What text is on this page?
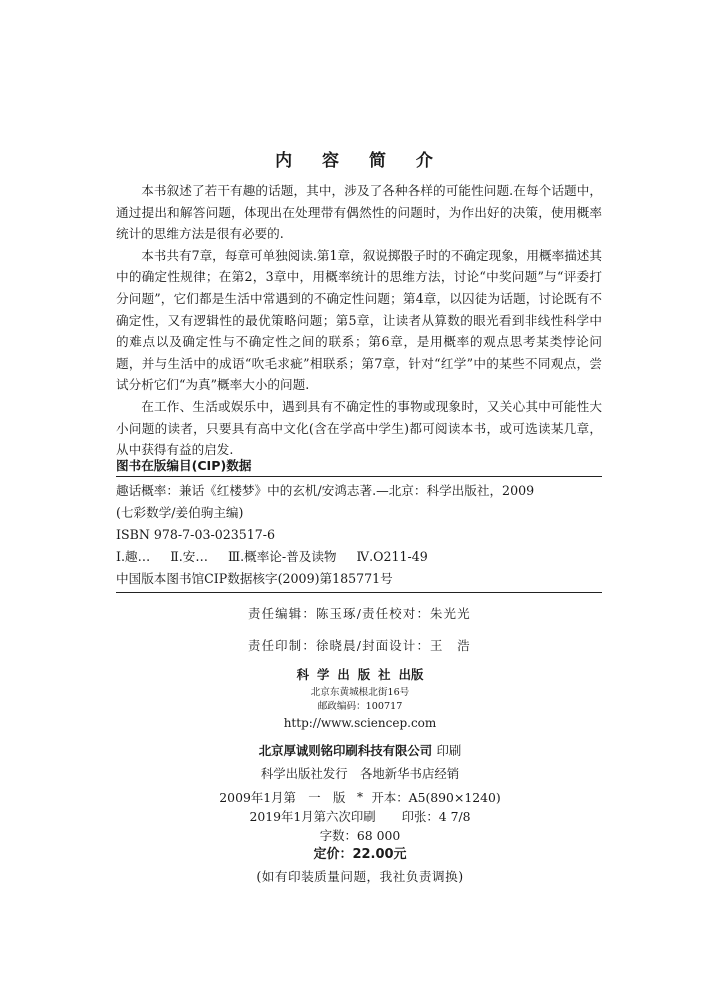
内 容 简 介

本书叙述了若干有趣的话题，其中，涉及了各种各样的可能性问题.在每个话题中，通过提出和解答问题，体现出在处理带有偶然性的问题时，为作出好的决策，使用概率统计的思维方法是很有必要的.

本书共有7章，每章可单独阅读.第1章，叙说掷骰子时的不确定现象，用概率描述其中的确定性规律；在第2，3章中，用概率统计的思维方法，讨论“中奖问题”与“评委打分问题”，它们都是生活中常遇到的不确定性问题；第4章，以囚徒为话题，讨论既有不确定性，又有逻辑性的最优策略问题；第5章，让读者从算数的眼光看到非线性科学中的难点以及确定性与不确定性之间的联系；第6章，是用概率的观点思考某类悖论问题，并与生活中的成语“吹毛求疵”相联系；第7章，针对“红学”中的某些不同观点，尝试分析它们“为真”概率大小的问题.

在工作、生活或娱乐中，遇到具有不确定性的事物或现象时，又关心其中可能性大小问题的读者，只要具有高中文化(含在学高中学生)都可阅读本书，或可选读某几章，从中获得有益的启发.

图书在版编目(CIP)数据
趣话概率：兼话《红楼梦》中的玄机/安鸿志著.—北京：科学出版社，2009
(七彩数学/姜伯驹主编)
ISBN 978-7-03-023517-6
Ⅰ.趣… Ⅱ.安… Ⅲ.概率论-普及读物 Ⅳ.O211-49
中国版本图书馆CIP数据核字(2009)第185771号
责任编辑：陈玉琢/责任校对：朱光光
责任印制：徐晓晨/封面设计：王　浩
科学出版社出版
北京东黄城根北街16号
邮政编码：100717
http://www.sciencep.com
北京厚诚则铭印刷科技有限公司 印刷
科学出版社发行　各地新华书店经销
*
2009年1月第　一　版 开本：A5(890×1240)
2019年1月第六次印刷 印张：4 7/8
字数：68 000
定价：22.00元
(如有印装质量问题，我社负责调换)
